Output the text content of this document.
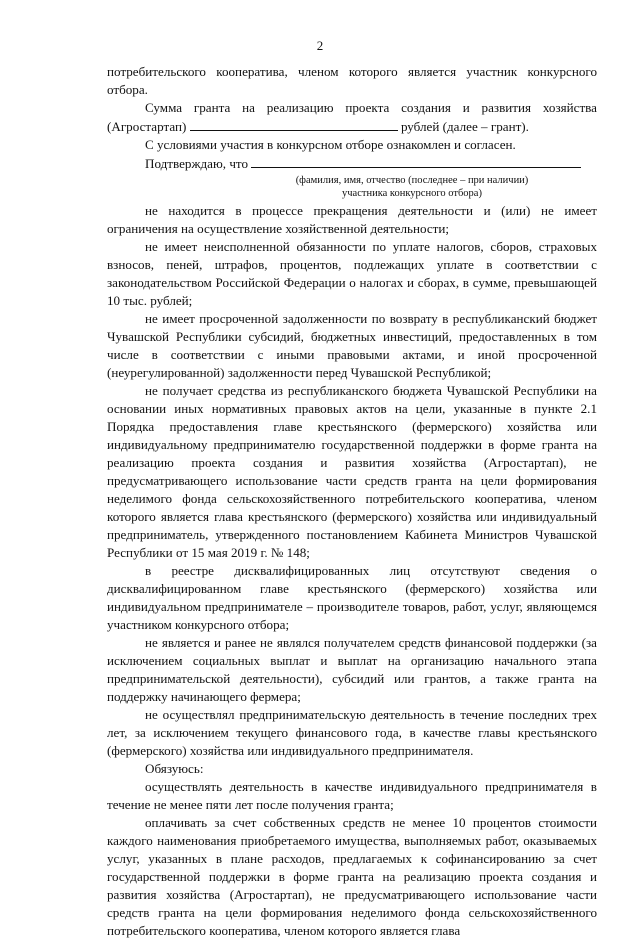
2

потребительского кооператива, членом которого является участник конкурсного отбора.

Сумма гранта на реализацию проекта создания и развития хозяйства (Агростартап)	рублей (далее – грант).

С условиями участия в конкурсном отборе ознакомлен и согласен.

Подтверждаю, что

(фамилия, имя, отчество (последнее – при наличии)
участника конкурсного отбора)

не находится в процессе прекращения деятельности и (или) не имеет ограничения на осуществление хозяйственной деятельности;

не имеет неисполненной обязанности по уплате налогов, сборов, страховых взносов, пеней, штрафов, процентов, подлежащих уплате в соответствии с законодательством Российской Федерации о налогах и сборах, в сумме, превышающей 10 тыс. рублей;

не имеет просроченной задолженности по возврату в республиканский бюджет Чувашской Республики субсидий, бюджетных инвестиций, предоставленных в том числе в соответствии с иными правовыми актами, и иной просроченной (неурегулированной) задолженности перед Чувашской Республикой;

не получает средства из республиканского бюджета Чувашской Республики на основании иных нормативных правовых актов на цели, указанные в пункте 2.1 Порядка предоставления главе крестьянского (фермерского) хозяйства или индивидуальному предпринимателю государственной поддержки в форме гранта на реализацию проекта создания и развития хозяйства (Агростартап), не предусматривающего использование части средств гранта на цели формирования неделимого фонда сельскохозяйственного потребительского кооператива, членом которого является глава крестьянского (фермерского) хозяйства или индивидуальный предприниматель, утвержденного постановлением Кабинета Министров Чувашской Республики от 15 мая 2019 г. № 148;

в реестре дисквалифицированных лиц отсутствуют сведения о дисквалифицированном главе крестьянского (фермерского) хозяйства или индивидуальном предпринимателе – производителе товаров, работ, услуг, являющемся участником конкурсного отбора;

не является и ранее не являлся получателем средств финансовой поддержки (за исключением социальных выплат и выплат на организацию начального этапа предпринимательской деятельности), субсидий или грантов, а также гранта на поддержку начинающего фермера;

не осуществлял предпринимательскую деятельность в течение последних трех лет, за исключением текущего финансового года, в качестве главы крестьянского (фермерского) хозяйства или индивидуального предпринимателя.

Обязуюсь:

осуществлять деятельность в качестве индивидуального предпринимателя в течение не менее пяти лет после получения гранта;

оплачивать за счет собственных средств не менее 10 процентов стоимости каждого наименования приобретаемого имущества, выполняемых работ, оказываемых услуг, указанных в плане расходов, предлагаемых к софинансированию за счет государственной поддержки в форме гранта на реализацию проекта создания и развития хозяйства (Агростартап), не предусматривающего использование части средств гранта на цели формирования неделимого фонда сельскохозяйственного потребительского кооператива, членом которого является глава
